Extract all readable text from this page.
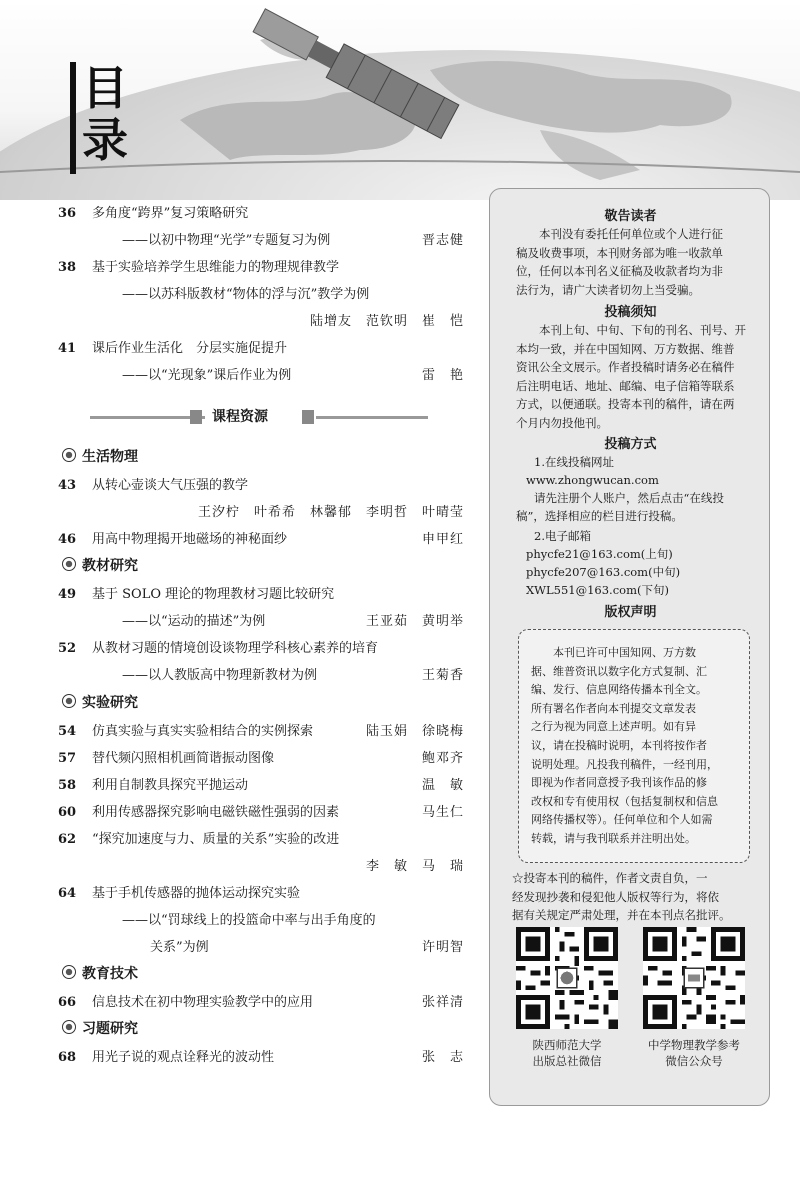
目
录
36 多角度“跨界”复习策略研究
——以初中物理“光学”专题复习为例	晋志健
38 基于实验培养学生思维能力的物理规律教学
——以苏科版教材“物体的浮与沉”教学为例
陆增友　范钦明　崔　恺
41 课后作业生活化　分层实施促提升
——以“光现象”课后作业为例	雷　艳
生活物理
43 从转心壶谈大气压强的教学
王汐柠　叶希希　林馨郁　李明哲　叶晴莹
46 用高中物理揭开地磁场的神秘面纱	申甲红
教材研究
49 基于 SOLO 理论的物理教材习题比较研究
——以“运动的描述”为例	王亚茹　黄明举
52 从教材习题的情境创设谈物理学科核心素养的培育
——以人教版高中物理新教材为例	王菊香
实验研究
54 仿真实验与真实实验相结合的实例探索	陆玉娟　徐晓梅
57 替代频闪照相机画简谐振动图像	鲍邓齐
58 利用自制教具探究平抛运动	温　敏
60 利用传感器探究影响电磁铁磁性强弱的因素	马生仁
62 “探究加速度与力、质量的关系”实验的改进
李　敏　马　瑞
64 基于手机传感器的抛体运动探究实验
——以“罚球线上的投篮命中率与出手角度的
关系”为例	许明智
教育技术
66 信息技术在初中物理实验教学中的应用	张祥清
习题研究
68 用光子说的观点诠释光的波动性	张　志
课程资源
敬告读者
本刊没有委托任何单位或个人进行征
稿及收费事项，本刊财务部为唯一收款单
位，任何以本刊名义征稿及收款者均为非
法行为，请广大读者切勿上当受骗。
投稿须知
本刊上旬、中旬、下旬的刊名、刊号、开
本均一致，并在中国知网、万方数据、维普
资讯公全文展示。作者投稿时请务必在稿件
后注明电话、地址、邮编、电子信箱等联系
方式，以便通联。投寄本刊的稿件，请在两
个月内勿投他刊。
投稿方式
1.在线投稿网址
www.zhongwucan.com
请先注册个人账户，然后点击“在线投
稿”，选择相应的栏目进行投稿。
2.电子邮箱
phycfe21@163.com(上旬)
phycfe207@163.com(中旬)
XWL551@163.com(下旬)
版权声明
本刊已许可中国知网、万方数
据、维普资讯以数字化方式复制、汇
编、发行、信息网络传播本刊全文。
所有署名作者向本刊提交文章发表
之行为视为同意上述声明。如有异
议，请在投稿时说明，本刊将按作者
说明处理。凡投我刊稿件，一经刊用，
即视为作者同意授予我刊该作品的修
改权和专有使用权（包括复制权和信息
网络传播权等）。任何单位和个人如需
转载，请与我刊联系并注明出处。
☆投寄本刊的稿件，作者文责自负，一
经发现抄袭和侵犯他人版权等行为，将依
据有关规定严肃处理，并在本刊点名批评。
陕西师范大学
出版总社微信
中学物理教学参考
微信公众号
